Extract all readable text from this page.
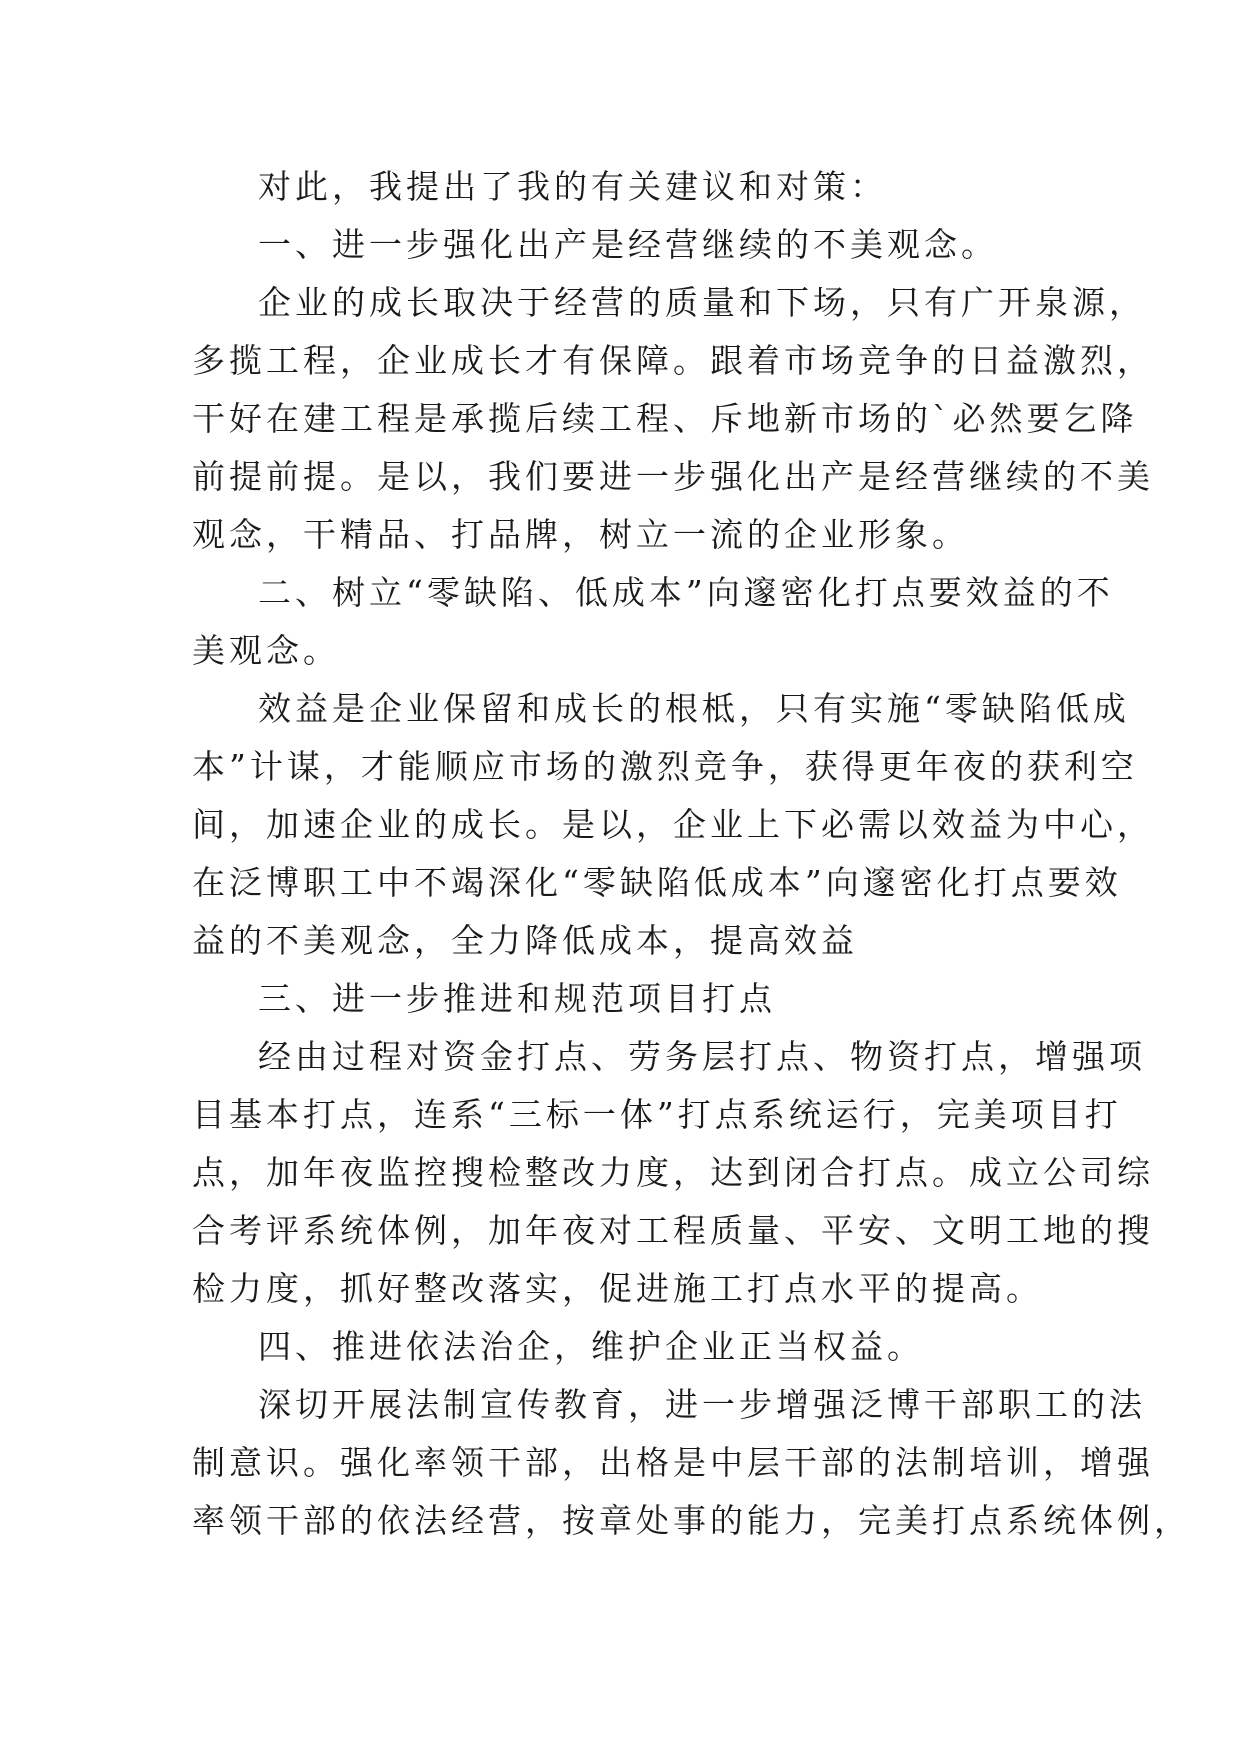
对此，我提出了我的有关建议和对策：
一、进一步强化出产是经营继续的不美观念。
企业的成长取决于经营的质量和下场，只有广开泉源，
多揽工程，企业成长才有保障。跟着市场竞争的日益激烈，
干好在建工程是承揽后续工程、斥地新市场的`必然要乞降
前提前提。是以，我们要进一步强化出产是经营继续的不美
观念，干精品、打品牌，树立一流的企业形象。
二、树立“零缺陷、低成本”向邃密化打点要效益的不
美观念。
效益是企业保留和成长的根柢，只有实施“零缺陷低成
本”计谋，才能顺应市场的激烈竞争，获得更年夜的获利空
间，加速企业的成长。是以，企业上下必需以效益为中心，
在泛博职工中不竭深化“零缺陷低成本”向邃密化打点要效
益的不美观念，全力降低成本，提高效益
三、进一步推进和规范项目打点
经由过程对资金打点、劳务层打点、物资打点，增强项
目基本打点，连系“三标一体”打点系统运行，完美项目打
点，加年夜监控搜检整改力度，达到闭合打点。成立公司综
合考评系统体例，加年夜对工程质量、平安、文明工地的搜
检力度，抓好整改落实，促进施工打点水平的提高。
四、推进依法治企，维护企业正当权益。
深切开展法制宣传教育，进一步增强泛博干部职工的法
制意识。强化率领干部，出格是中层干部的法制培训，增强
率领干部的依法经营，按章处事的能力，完美打点系统体例，
